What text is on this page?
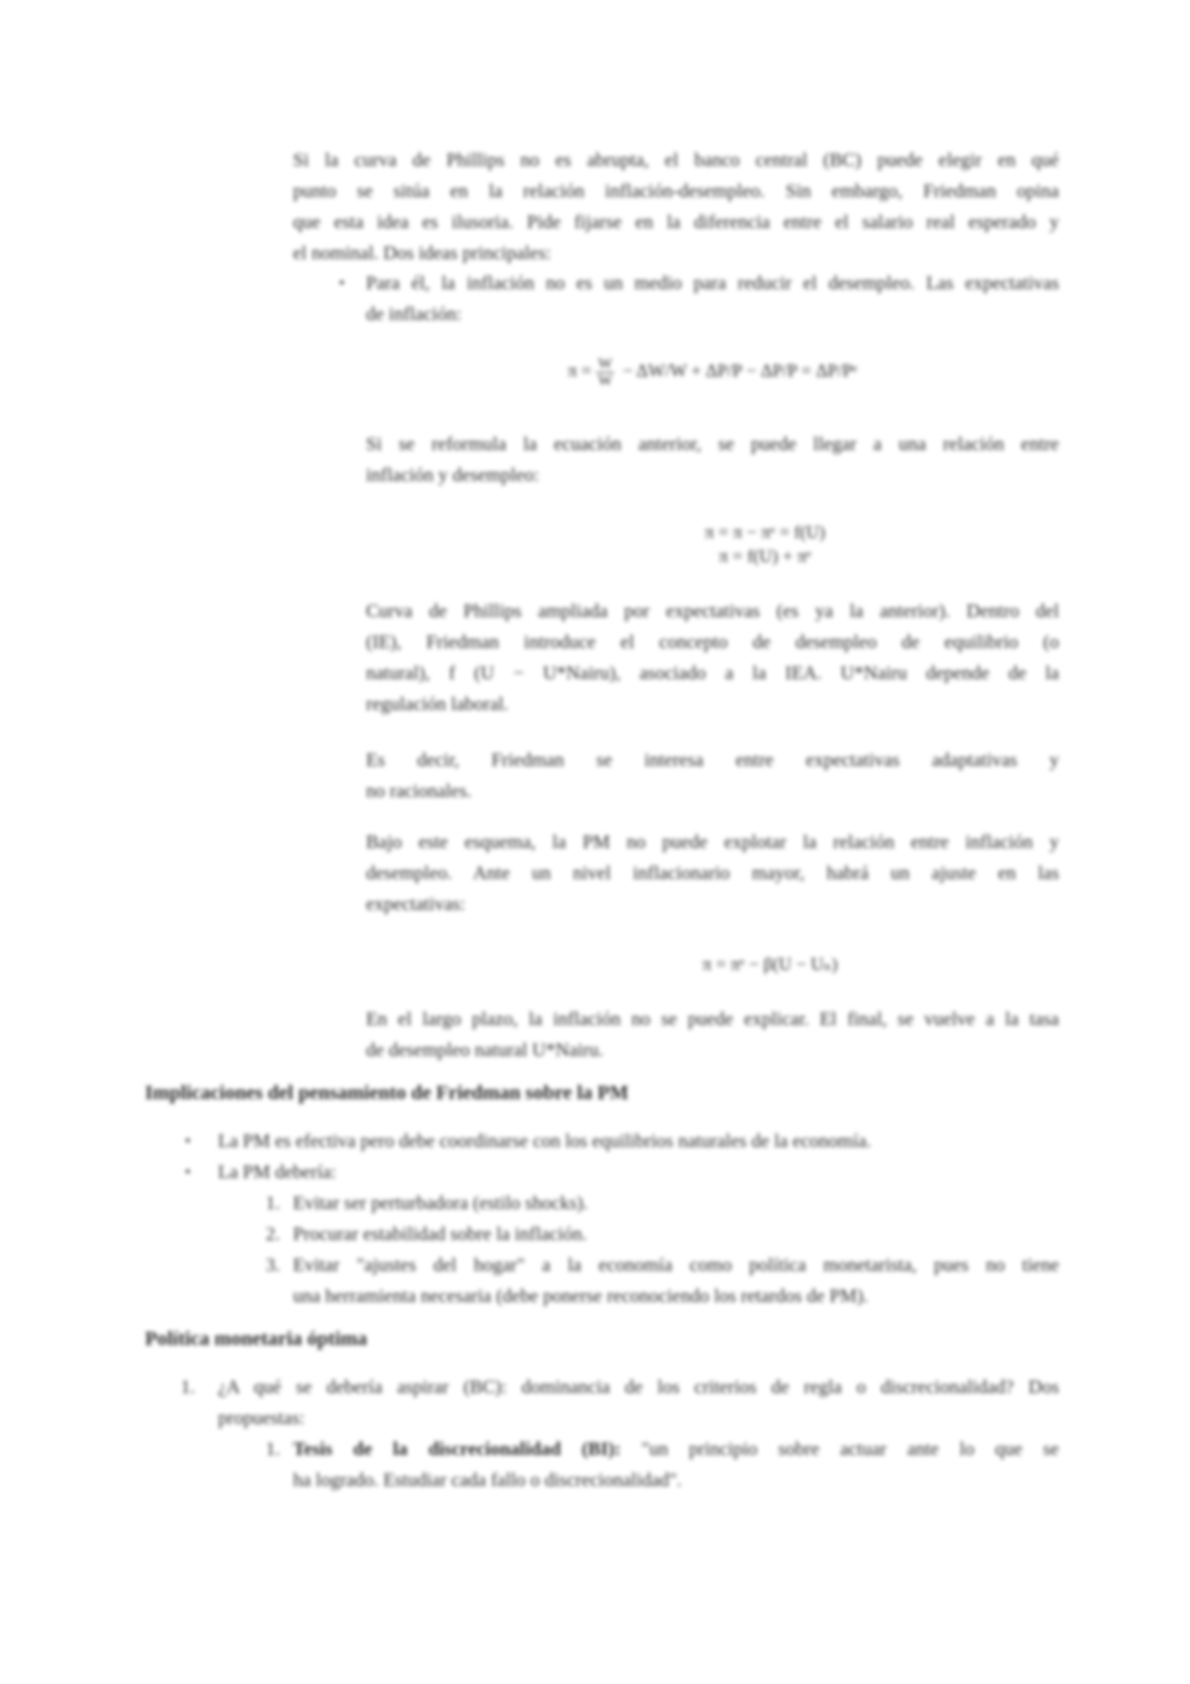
Si la curva de Phillips no es abrupta, el banco central (BC) puede elegir en qué

punto se sitúa en la relación inflación-desempleo. Sin embargo, Friedman opina

que esta idea es ilusoria. Pide fijarse en la diferencia entre el salario real esperado y

el nominal. Dos ideas principales:

• Para él, la inflación no es un medio para reducir el desempleo. Las expectativas

de inflación:

$\pi = \frac{W}{W} - \Delta W/W + \Delta P/P - \Delta P/P$ = ΔP/Pᵉ

Si se reformula la ecuación anterior, se puede llegar a una relación entre

inflación y desempleo:

π = π − πᵉ = f(U)
π = f(U) + πᵉ

Curva de Phillips ampliada por expectativas (es ya la anterior). Dentro del

(IE), Friedman introduce el concepto de desempleo de equilibrio (o

natural), f (U − U*Nairu), asociado a la IEA. U*Nairu depende de la

regulación laboral.

Es decir, Friedman se interesa entre expectativas adaptativas y

no racionales.

Bajo este esquema, la PM no puede explotar la relación entre inflación y

desempleo. Ante un nivel inflacionario mayor, habrá un ajuste en las

expectativas:

π = πᵉ − β(U − Uₙ)

En el largo plazo, la inflación no se puede explicar. El final, se vuelve a la tasa

de desempleo natural U*Nairu.

Implicaciones del pensamiento de Friedman sobre la PM
• La PM es efectiva pero debe coordinarse con los equilibrios naturales de la economía.
• La PM debería:
1. Evitar ser perturbadora (estilo shocks).
2. Procurar estabilidad sobre la inflación.
3. Evitar "ajustes del hogar" a la economía como política monetarista, pues no tiene

una herramienta necesaria (debe ponerse reconociendo los retardos de PM).

Política monetaria óptima
1. ¿A qué se debería aspirar (BC): dominancia de los criterios de regla o discrecionalidad? Dos

propuestas:

1. Tesis de la discrecionalidad (BI): "un principio sobre actuar ante lo que se

ha logrado. Estudiar cada fallo o discrecionalidad".
